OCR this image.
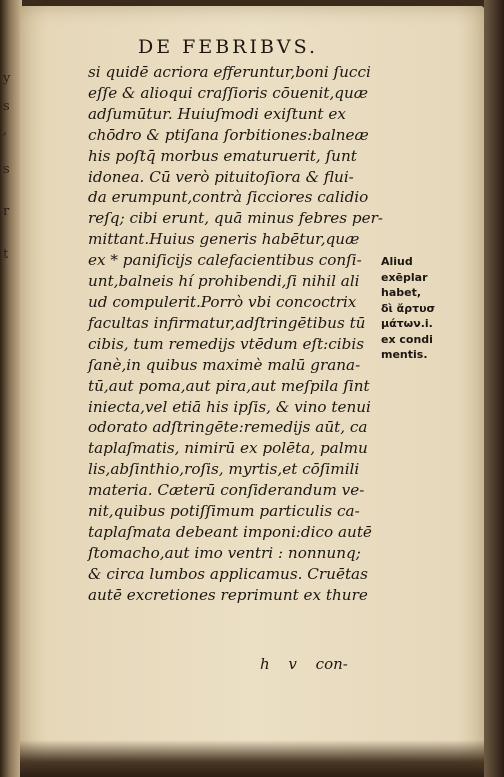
y
s
,
s
r
t
DE FEBRIBVS.
si quidē acriora efferuntur,boni ſucci
eſſe & alioqui craſſioris cōuenit,quæ
adſumūtur. Huiuſmodi exiſtunt ex
chōdro & ptiſana ſorbitiones:balneæ
his poſtq̄ morbus ematuruerit, ſunt
idonea. Cū verò pituitoſiora & flui-
da erumpunt,contrà ſicciores calidio
reſq; cibi erunt, quā minus febres per-
mittant.Huius generis habētur,quæ
ex * paniſicijs calefacientibus conſi-
unt,balneis hí prohibendi,ſi nihil ali
ud compulerit.Porrò vbi concoctrix
facultas infirmatur,adſtringētibus tū
cibis, tum remedijs vtēdum eſt:cibis
ſanè,in quibus maximè malū grana-
tū,aut poma,aut pira,aut meſpila ſint
iniecta,vel etiā his ipſis, & vino tenui
odorato adſtringēte:remedijs aūt, ca
taplaſmatis, nimirū ex polēta, palmu
lis,abſinthio,roſis, myrtis,et cōſimili
materia. Cæterū conſiderandum ve-
nit,quibus potiſſimum particulis ca-
taplaſmata debeant imponi:dico autē
ſtomacho,aut imo ventri : nonnunq;
& circa lumbos applicamus. Cruētas
autē excretiones reprimunt ex thure
Aliud
exēplar
habet,
δὶ ἄρτυσ
μάτων.i.
ex condi
mentis.
h v con-
